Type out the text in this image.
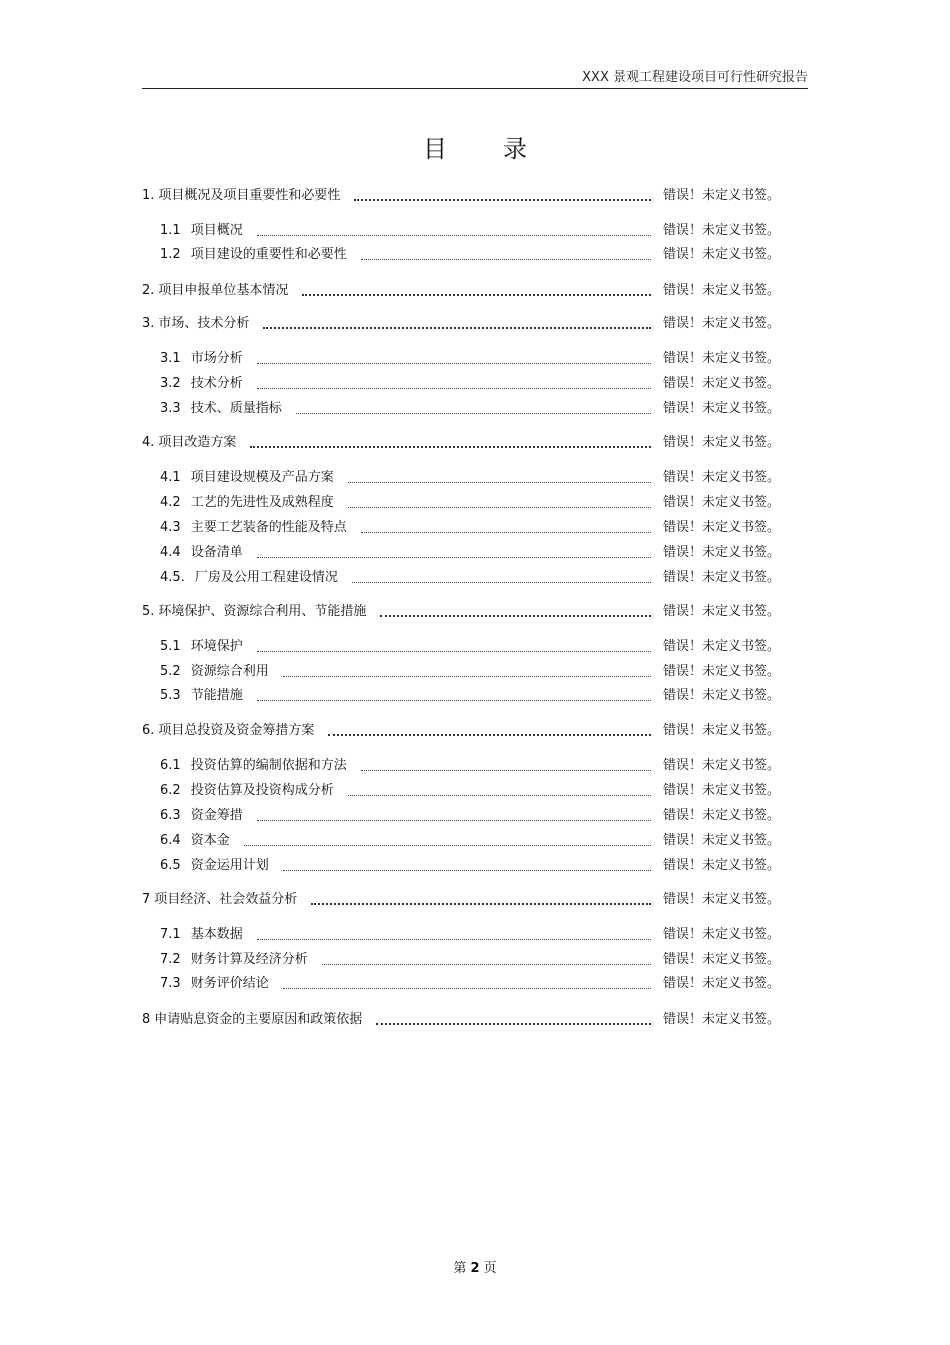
XXX 景观工程建设项目可行性研究报告
目录
1. 项目概况及项目重要性和必要性	错误！未定义书签。
1.1 项目概况	错误！未定义书签。
1.2 项目建设的重要性和必要性	错误！未定义书签。
2. 项目申报单位基本情况	错误！未定义书签。
3. 市场、技术分析	错误！未定义书签。
3.1 市场分析	错误！未定义书签。
3.2 技术分析	错误！未定义书签。
3.3 技术、质量指标	错误！未定义书签。
4. 项目改造方案	错误！未定义书签。
4.1 项目建设规模及产品方案	错误！未定义书签。
4.2 工艺的先进性及成熟程度	错误！未定义书签。
4.3 主要工艺装备的性能及特点	错误！未定义书签。
4.4 设备清单	错误！未定义书签。
4.5. 厂房及公用工程建设情况	错误！未定义书签。
5. 环境保护、资源综合利用、节能措施	错误！未定义书签。
5.1 环境保护	错误！未定义书签。
5.2 资源综合利用	错误！未定义书签。
5.3 节能措施	错误！未定义书签。
6. 项目总投资及资金筹措方案	错误！未定义书签。
6.1 投资估算的编制依据和方法	错误！未定义书签。
6.2 投资估算及投资构成分析	错误！未定义书签。
6.3 资金筹措	错误！未定义书签。
6.4 资本金	错误！未定义书签。
6.5 资金运用计划	错误！未定义书签。
7 项目经济、社会效益分析	错误！未定义书签。
7.1 基本数据	错误！未定义书签。
7.2 财务计算及经济分析	错误！未定义书签。
7.3 财务评价结论	错误！未定义书签。
8 申请贴息资金的主要原因和政策依据	错误！未定义书签。
第 2 页
